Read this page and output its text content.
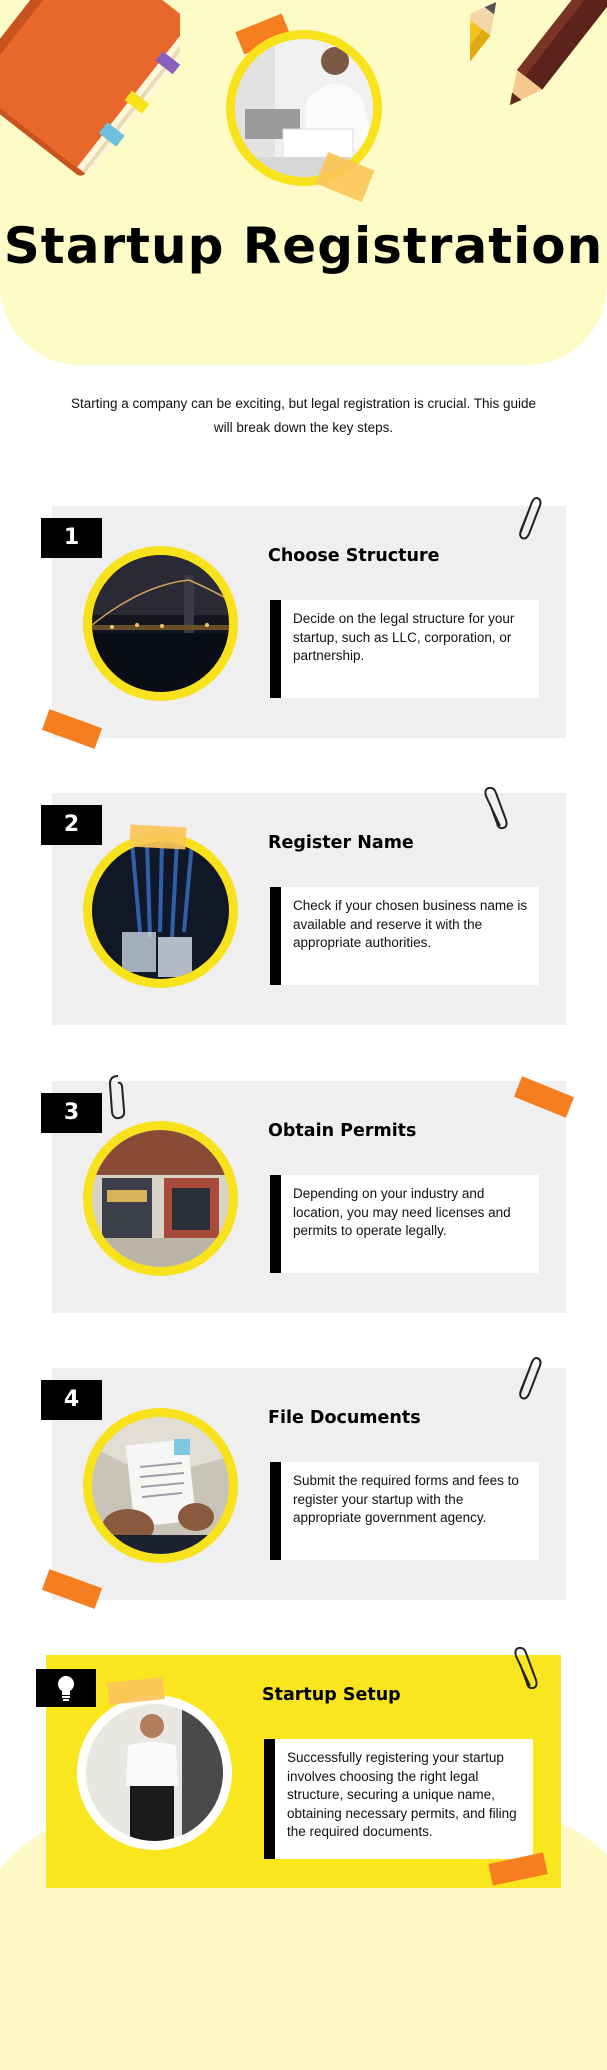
Startup Registration

Starting a company can be exciting, but legal registration is crucial. This guide will break down the key steps.

1
Choose Structure

Decide on the legal structure for your startup, such as LLC, corporation, or partnership.

2
Register Name

Check if your chosen business name is available and reserve it with the appropriate authorities.

3
Obtain Permits

Depending on your industry and location, you may need licenses and permits to operate legally.

4
File Documents

Submit the required forms and fees to register your startup with the appropriate government agency.

Startup Setup

Successfully registering your startup involves choosing the right legal structure, securing a unique name, obtaining necessary permits, and filing the required documents.
